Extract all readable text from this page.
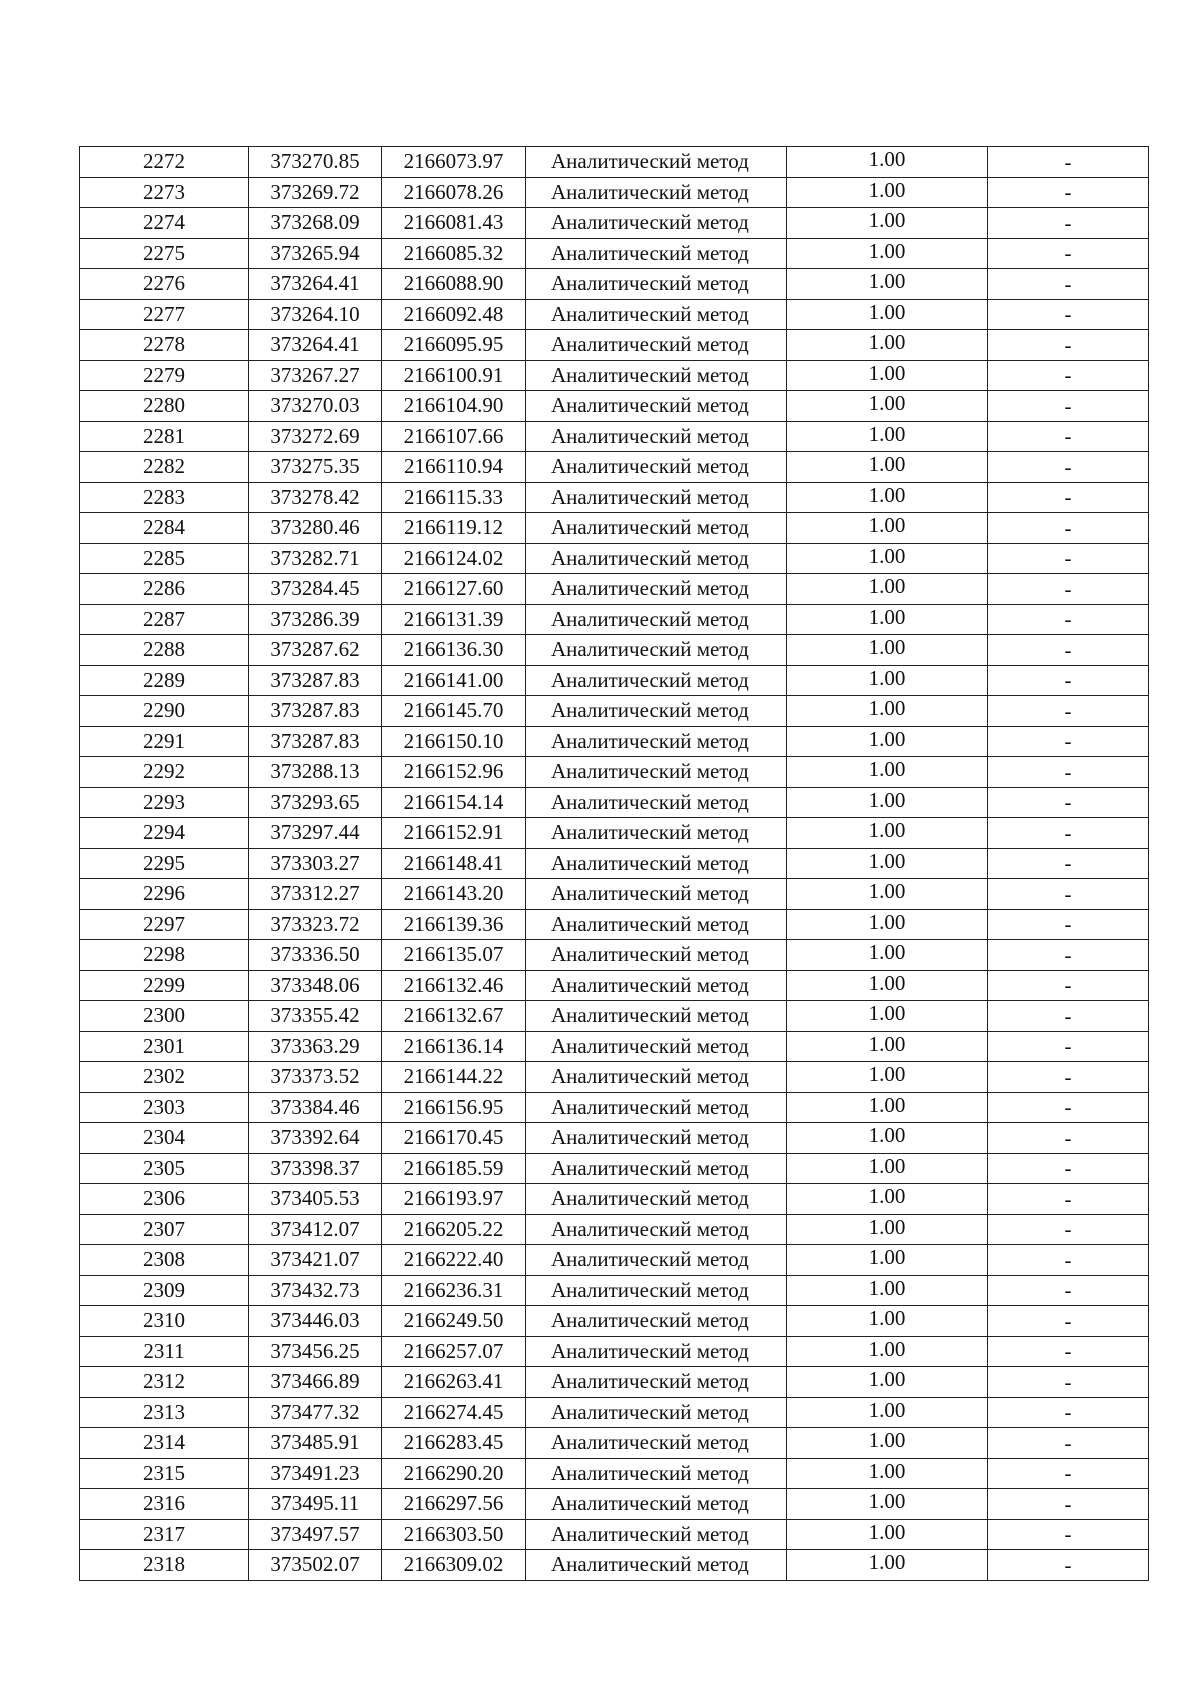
2272	373270.85	2166073.97	Аналитический метод	1.00	-
2273	373269.72	2166078.26	Аналитический метод	1.00	-
2274	373268.09	2166081.43	Аналитический метод	1.00	-
2275	373265.94	2166085.32	Аналитический метод	1.00	-
2276	373264.41	2166088.90	Аналитический метод	1.00	-
2277	373264.10	2166092.48	Аналитический метод	1.00	-
2278	373264.41	2166095.95	Аналитический метод	1.00	-
2279	373267.27	2166100.91	Аналитический метод	1.00	-
2280	373270.03	2166104.90	Аналитический метод	1.00	-
2281	373272.69	2166107.66	Аналитический метод	1.00	-
2282	373275.35	2166110.94	Аналитический метод	1.00	-
2283	373278.42	2166115.33	Аналитический метод	1.00	-
2284	373280.46	2166119.12	Аналитический метод	1.00	-
2285	373282.71	2166124.02	Аналитический метод	1.00	-
2286	373284.45	2166127.60	Аналитический метод	1.00	-
2287	373286.39	2166131.39	Аналитический метод	1.00	-
2288	373287.62	2166136.30	Аналитический метод	1.00	-
2289	373287.83	2166141.00	Аналитический метод	1.00	-
2290	373287.83	2166145.70	Аналитический метод	1.00	-
2291	373287.83	2166150.10	Аналитический метод	1.00	-
2292	373288.13	2166152.96	Аналитический метод	1.00	-
2293	373293.65	2166154.14	Аналитический метод	1.00	-
2294	373297.44	2166152.91	Аналитический метод	1.00	-
2295	373303.27	2166148.41	Аналитический метод	1.00	-
2296	373312.27	2166143.20	Аналитический метод	1.00	-
2297	373323.72	2166139.36	Аналитический метод	1.00	-
2298	373336.50	2166135.07	Аналитический метод	1.00	-
2299	373348.06	2166132.46	Аналитический метод	1.00	-
2300	373355.42	2166132.67	Аналитический метод	1.00	-
2301	373363.29	2166136.14	Аналитический метод	1.00	-
2302	373373.52	2166144.22	Аналитический метод	1.00	-
2303	373384.46	2166156.95	Аналитический метод	1.00	-
2304	373392.64	2166170.45	Аналитический метод	1.00	-
2305	373398.37	2166185.59	Аналитический метод	1.00	-
2306	373405.53	2166193.97	Аналитический метод	1.00	-
2307	373412.07	2166205.22	Аналитический метод	1.00	-
2308	373421.07	2166222.40	Аналитический метод	1.00	-
2309	373432.73	2166236.31	Аналитический метод	1.00	-
2310	373446.03	2166249.50	Аналитический метод	1.00	-
2311	373456.25	2166257.07	Аналитический метод	1.00	-
2312	373466.89	2166263.41	Аналитический метод	1.00	-
2313	373477.32	2166274.45	Аналитический метод	1.00	-
2314	373485.91	2166283.45	Аналитический метод	1.00	-
2315	373491.23	2166290.20	Аналитический метод	1.00	-
2316	373495.11	2166297.56	Аналитический метод	1.00	-
2317	373497.57	2166303.50	Аналитический метод	1.00	-
2318	373502.07	2166309.02	Аналитический метод	1.00	-
